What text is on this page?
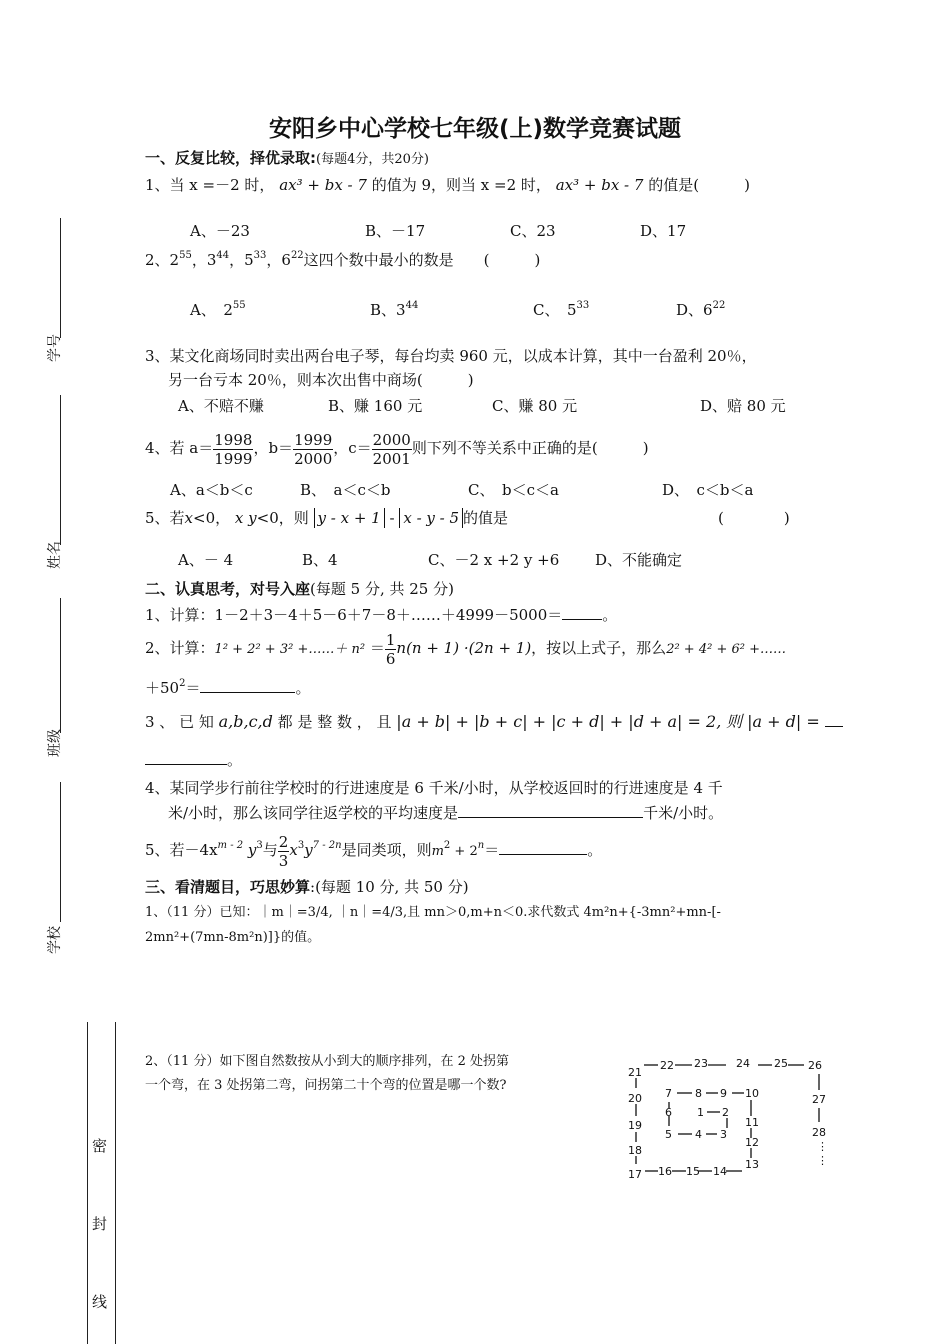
安阳乡中心学校七年级(上)数学竞赛试题
学号
姓名
班级
学校
密
封
线
一、反复比较，择优录取:(每题4分，共20分)
1、当 x =－2 时， ax³ + bx - 7 的值为 9，则当 x =2 时， ax³ + bx - 7 的值是(　　　)
A、－23	B、－17	C、23	D、17
2、$2^{55}$，$3^{44}$，$5^{33}$，$6^{22}$这四个数中最小的数是　　(　　　)
A、　$2^{55}$	B、$3^{44}$	C、　$5^{33}$	D、$6^{22}$
3、某文化商场同时卖出两台电子琴，每台均卖 960 元，以成本计算，其中一台盈利 20％，
另一台亏本 20％，则本次出售中商场(　　　)
A、不赔不赚	B、赚 160 元	C、赚 80 元	D、赔 80 元
4、若 $a= \frac{1998}{1999}$ ，$b= \frac{1999}{2000}$ ，$c= \frac{2000}{2001}$ 则下列不等关系中正确的是(　　　)
A、a＜b＜c	B、　a＜c＜b	C、　b＜c＜a	D、　c＜b＜a
5、若x<0， x y<0，则 y - x + 1 - x - y - 5 的值是	(　　　　)
A、－ 4	B、4	C、－2 x +2 y +6 D、不能确定
二、认真思考，对号入座(每题 5 分, 共 25 分)
1、计算：1－2＋3－4＋5－6＋7－8＋……＋4999－5000＝	。
2、计算：1² + 2² + 3² +……＋ $n^2 = \frac{1}{6} n(n + 1) \cdot(2n + 1)$，按以上式子，那么2² + 4² + 6² +……
$+50^2=$	。
3 、 已 知 a,b,c,d 都 是 整 数 ， 且 |a + b| + |b + c| + |c + d| + |d + a| = 2, 则 |a + d| =
。
4、某同学步行前往学校时的行进速度是 6 千米/小时，从学校返回时的行进速度是 4 千
米/小时，那么该同学往返学校的平均速度是	千米/小时。
5、若$-4x^{m - 2}$ $y^3$与 $\frac{2}{3} x^3y^{7 - 2n}$是同类项，则$m^2 + 2^n=$	。
三、看清题目，巧思妙算:(每题 10 分, 共 50 分)
1、（11 分）已知：｜m｜=3/4, ｜n｜=4/3,且 mn＞0,m+n＜0.求代数式 4m²n+{-3mn²+mn-[-
2mn²+(7mn-8m²n)]}的值。
2、（11 分）如下图自然数按从小到大的顺序排列，在 2 处拐第
一个弯，在 3 处拐第二弯，问拐第二十个弯的位置是哪一个数?
1 2
3
4
5
6
7 8 9 10
11
12
13
14
15
16
17
18
19
20
21
22 23	24 25 26
27
28
⋮
⋮
